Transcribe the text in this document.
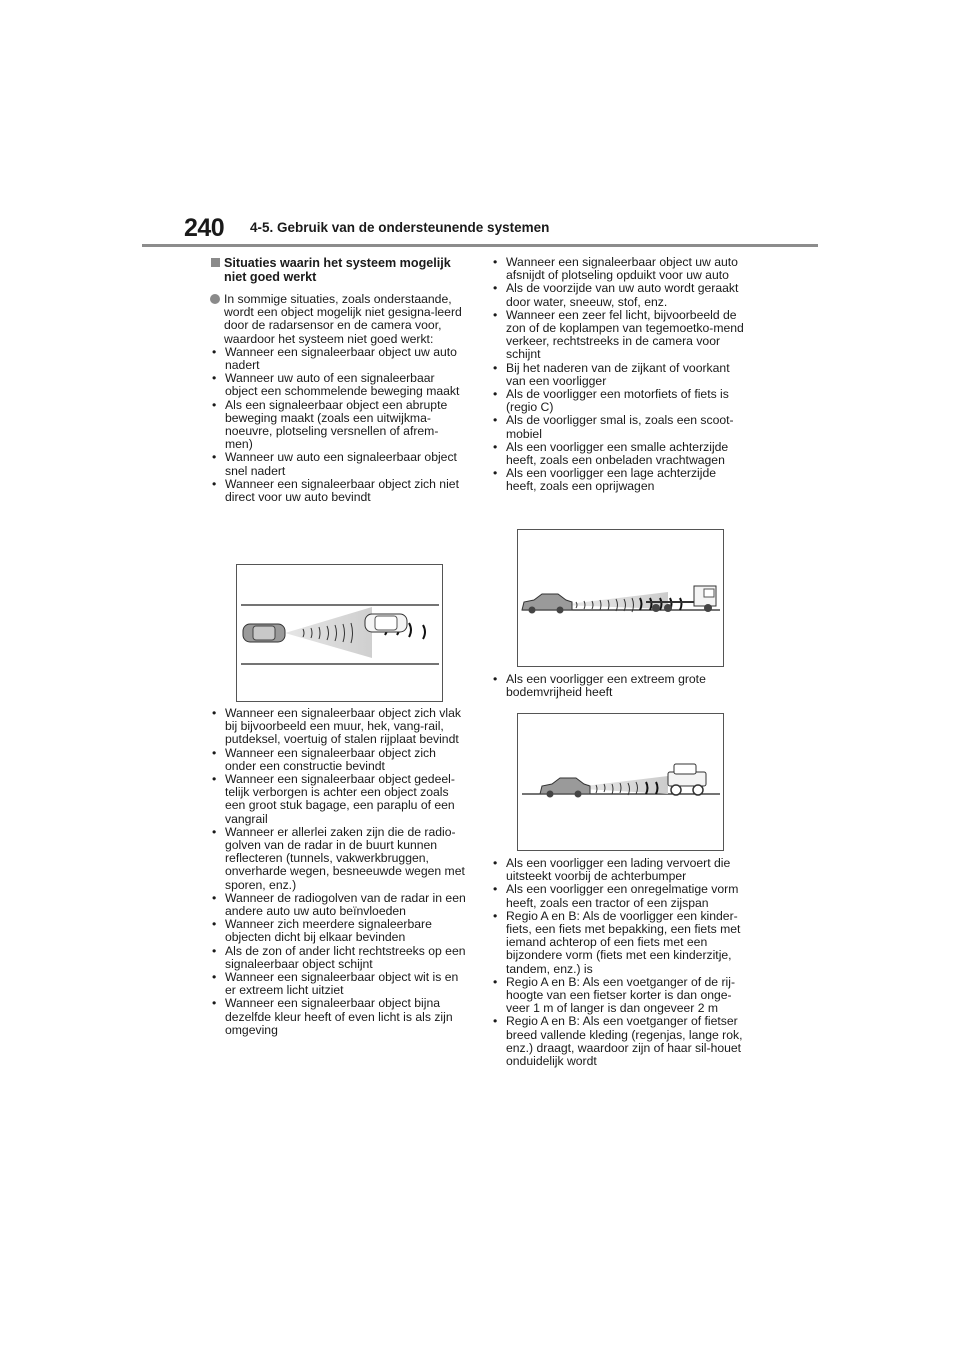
240 4-5. Gebruik van de ondersteunende systemen
Situaties waarin het systeem mogelijk niet goed werkt
In sommige situaties, zoals onderstaande, wordt een object mogelijk niet gesigna-leerd door de radarsensor en de camera voor, waardoor het systeem niet goed werkt:
• Wanneer een signaleerbaar object uw auto nadert
• Wanneer uw auto of een signaleerbaar object een schommelende beweging maakt
• Als een signaleerbaar object een abrupte beweging maakt (zoals een uitwijkma-noeuvre, plotseling versnellen of afrem-men)
• Wanneer uw auto een signaleerbaar object snel nadert
• Wanneer een signaleerbaar object zich niet direct voor uw auto bevindt
• Wanneer een signaleerbaar object zich vlak bij bijvoorbeeld een muur, hek, vang-rail, putdeksel, voertuig of stalen rijplaat bevindt
• Wanneer een signaleerbaar object zich onder een constructie bevindt
• Wanneer een signaleerbaar object gedeel-telijk verborgen is achter een object zoals een groot stuk bagage, een paraplu of een vangrail
• Wanneer er allerlei zaken zijn die de radio-golven van de radar in de buurt kunnen reflecteren (tunnels, vakwerkbruggen, onverharde wegen, besneeuwde wegen met sporen, enz.)
• Wanneer de radiogolven van de radar in een andere auto uw auto beïnvloeden
• Wanneer zich meerdere signaleerbare objecten dicht bij elkaar bevinden
• Als de zon of ander licht rechtstreeks op een signaleerbaar object schijnt
• Wanneer een signaleerbaar object wit is en er extreem licht uitziet
• Wanneer een signaleerbaar object bijna dezelfde kleur heeft of even licht is als zijn omgeving
• Wanneer een signaleerbaar object uw auto afsnijdt of plotseling opduikt voor uw auto
• Als de voorzijde van uw auto wordt geraakt door water, sneeuw, stof, enz.
• Wanneer een zeer fel licht, bijvoorbeeld de zon of de koplampen van tegemoetko-mend verkeer, rechtstreeks in de camera voor schijnt
• Bij het naderen van de zijkant of voorkant van een voorligger
• Als de voorligger een motorfiets of fiets is (regio C)
• Als de voorligger smal is, zoals een scoot-mobiel
• Als een voorligger een smalle achterzijde heeft, zoals een onbeladen vrachtwagen
• Als een voorligger een lage achterzijde heeft, zoals een oprijwagen
• Als een voorligger een extreem grote bodemvrijheid heeft
• Als een voorligger een lading vervoert die uitsteekt voorbij de achterbumper
• Als een voorligger een onregelmatige vorm heeft, zoals een tractor of een zijspan
• Regio A en B: Als de voorligger een kinder-fiets, een fiets met bepakking, een fiets met iemand achterop of een fiets met een bijzondere vorm (fiets met een kinderzitje, tandem, enz.) is
• Regio A en B: Als een voetganger of de rij-hoogte van een fietser korter is dan onge-veer 1 m of langer is dan ongeveer 2 m
• Regio A en B: Als een voetganger of fietser breed vallende kleding (regenjas, lange rok, enz.) draagt, waardoor zijn of haar sil-houet onduidelijk wordt
